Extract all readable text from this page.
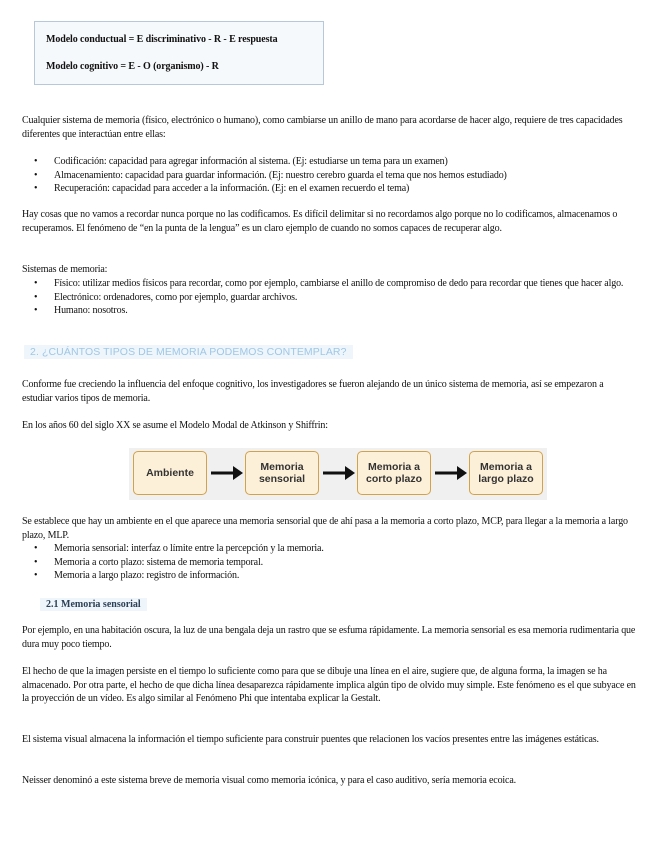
Modelo conductual = E discriminativo - R - E respuesta

Modelo cognitivo = E - O (organismo) - R

Cualquier sistema de memoria (físico, electrónico o humano), como cambiarse un anillo de mano para acordarse de hacer algo, requiere de tres capacidades diferentes que interactúan entre ellas:

• Codificación: capacidad para agregar información al sistema. (Ej: estudiarse un tema para un examen)
• Almacenamiento: capacidad para guardar información. (Ej: nuestro cerebro guarda el tema que nos hemos estudiado)
• Recuperación: capacidad para acceder a la información. (Ej: en el examen recuerdo el tema)

Hay cosas que no vamos a recordar nunca porque no las codificamos. Es difícil delimitar si no recordamos algo porque no lo codificamos, almacenamos o recuperamos. El fenómeno de “en la punta de la lengua” es un claro ejemplo de cuando no somos capaces de recuperar algo.

Sistemas de memoria:

• Físico: utilizar medios físicos para recordar, como por ejemplo, cambiarse el anillo de compromiso de dedo para recordar que tienes que hacer algo.
• Electrónico: ordenadores, como por ejemplo, guardar archivos.
• Humano: nosotros.
2. ¿CUÁNTOS TIPOS DE MEMORIA PODEMOS CONTEMPLAR?

Conforme fue creciendo la influencia del enfoque cognitivo, los investigadores se fueron alejando de un único sistema de memoria, así se empezaron a estudiar varios tipos de memoria.

En los años 60 del siglo XX se asume el Modelo Modal de Atkinson y Shiffrin:

Ambiente
Memoria sensorial
Memoria a corto plazo
Memoria a largo plazo

Se establece que hay un ambiente en el que aparece una memoria sensorial que de ahí pasa a la memoria a corto plazo, MCP, para llegar a la memoria a largo plazo, MLP.

• Memoria sensorial: interfaz o límite entre la percepción y la memoria.
• Memoria a corto plazo: sistema de memoria temporal.
• Memoria a largo plazo: registro de información.
2.1 Memoria sensorial

Por ejemplo, en una habitación oscura, la luz de una bengala deja un rastro que se esfuma rápidamente. La memoria sensorial es esa memoria rudimentaria que dura muy poco tiempo.

El hecho de que la imagen persiste en el tiempo lo suficiente como para que se dibuje una línea en el aire, sugiere que, de alguna forma, la imagen se ha almacenado. Por otra parte, el hecho de que dicha línea desaparezca rápidamente implica algún tipo de olvido muy simple. Este fenómeno es el que subyace en la proyección de un vídeo. Es algo similar al Fenómeno Phi que intentaba explicar la Gestalt.

El sistema visual almacena la información el tiempo suficiente para construir puentes que relacionen los vacíos presentes entre las imágenes estáticas.

Neisser denominó a este sistema breve de memoria visual como memoria icónica, y para el caso auditivo, sería memoria ecoica.
